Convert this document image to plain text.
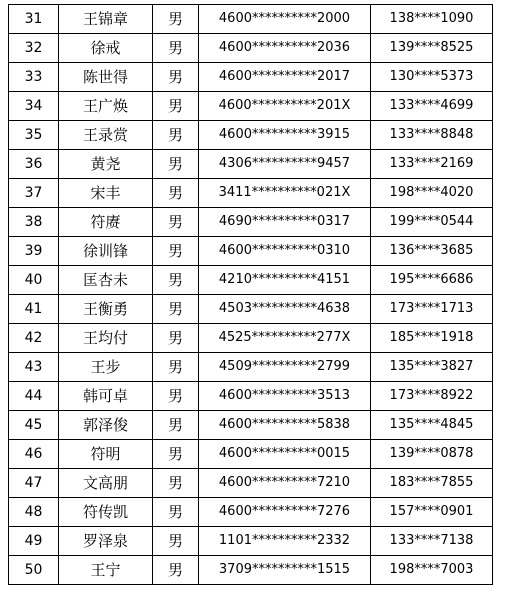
31	王锦章	男	4600**********2000	138****1090
32	徐戒	男	4600**********2036	139****8525
33	陈世得	男	4600**********2017	130****5373
34	王广焕	男	4600**********201X	133****4699
35	王录赏	男	4600**********3915	133****8848
36	黄尧	男	4306**********9457	133****2169
37	宋丰	男	3411**********021X	198****4020
38	符赓	男	4690**********0317	199****0544
39	徐训锋	男	4600**********0310	136****3685
40	匡杏未	男	4210**********4151	195****6686
41	王衡勇	男	4503**********4638	173****1713
42	王均付	男	4525**********277X	185****1918
43	王步	男	4509**********2799	135****3827
44	韩可卓	男	4600**********3513	173****8922
45	郭泽俊	男	4600**********5838	135****4845
46	符明	男	4600**********0015	139****0878
47	文高朋	男	4600**********7210	183****7855
48	符传凯	男	4600**********7276	157****0901
49	罗泽泉	男	1101**********2332	133****7138
50	王宁	男	3709**********1515	198****7003
